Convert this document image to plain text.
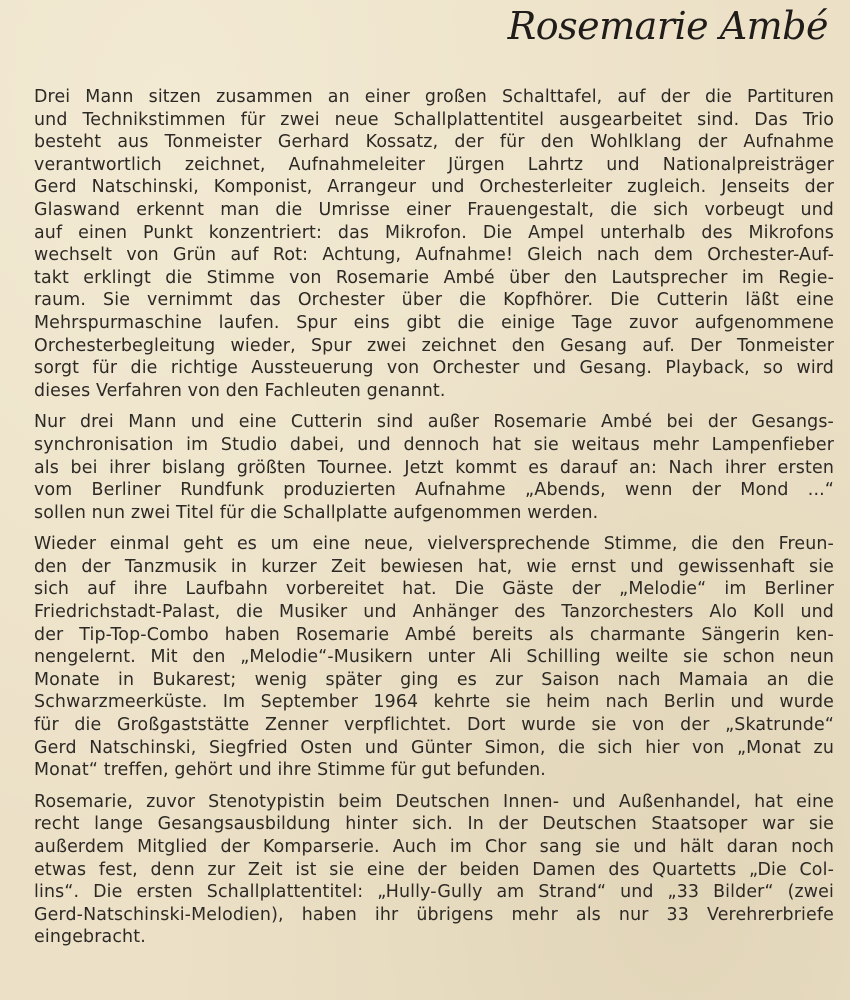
Rosemarie Ambé

Drei Mann sitzen zusammen an einer großen Schalttafel, auf der die Partituren
und Technikstimmen für zwei neue Schallplattentitel ausgearbeitet sind. Das Trio
besteht aus Tonmeister Gerhard Kossatz, der für den Wohlklang der Aufnahme
verantwortlich zeichnet, Aufnahmeleiter Jürgen Lahrtz und Nationalpreisträger
Gerd Natschinski, Komponist, Arrangeur und Orchesterleiter zugleich. Jenseits der
Glaswand erkennt man die Umrisse einer Frauengestalt, die sich vorbeugt und
auf einen Punkt konzentriert: das Mikrofon. Die Ampel unterhalb des Mikrofons
wechselt von Grün auf Rot: Achtung, Aufnahme! Gleich nach dem Orchester-Auf-
takt erklingt die Stimme von Rosemarie Ambé über den Lautsprecher im Regie-
raum. Sie vernimmt das Orchester über die Kopfhörer. Die Cutterin läßt eine
Mehrspurmaschine laufen. Spur eins gibt die einige Tage zuvor aufgenommene
Orchesterbegleitung wieder, Spur zwei zeichnet den Gesang auf. Der Tonmeister
sorgt für die richtige Aussteuerung von Orchester und Gesang. Playback, so wird
dieses Verfahren von den Fachleuten genannt.

Nur drei Mann und eine Cutterin sind außer Rosemarie Ambé bei der Gesangs-
synchronisation im Studio dabei, und dennoch hat sie weitaus mehr Lampenfieber
als bei ihrer bislang größten Tournee. Jetzt kommt es darauf an: Nach ihrer ersten
vom Berliner Rundfunk produzierten Aufnahme „Abends, wenn der Mond ...“
sollen nun zwei Titel für die Schallplatte aufgenommen werden.

Wieder einmal geht es um eine neue, vielversprechende Stimme, die den Freun-
den der Tanzmusik in kurzer Zeit bewiesen hat, wie ernst und gewissenhaft sie
sich auf ihre Laufbahn vorbereitet hat. Die Gäste der „Melodie“ im Berliner
Friedrichstadt-Palast, die Musiker und Anhänger des Tanzorchesters Alo Koll und
der Tip-Top-Combo haben Rosemarie Ambé bereits als charmante Sängerin ken-
nengelernt. Mit den „Melodie“-Musikern unter Ali Schilling weilte sie schon neun
Monate in Bukarest; wenig später ging es zur Saison nach Mamaia an die
Schwarzmeerküste. Im September 1964 kehrte sie heim nach Berlin und wurde
für die Großgaststätte Zenner verpflichtet. Dort wurde sie von der „Skatrunde“
Gerd Natschinski, Siegfried Osten und Günter Simon, die sich hier von „Monat zu
Monat“ treffen, gehört und ihre Stimme für gut befunden.

Rosemarie, zuvor Stenotypistin beim Deutschen Innen- und Außenhandel, hat eine
recht lange Gesangsausbildung hinter sich. In der Deutschen Staatsoper war sie
außerdem Mitglied der Komparserie. Auch im Chor sang sie und hält daran noch
etwas fest, denn zur Zeit ist sie eine der beiden Damen des Quartetts „Die Col-
lins“. Die ersten Schallplattentitel: „Hully-Gully am Strand“ und „33 Bilder“ (zwei
Gerd-Natschinski-Melodien), haben ihr übrigens mehr als nur 33 Verehrerbriefe
eingebracht.
